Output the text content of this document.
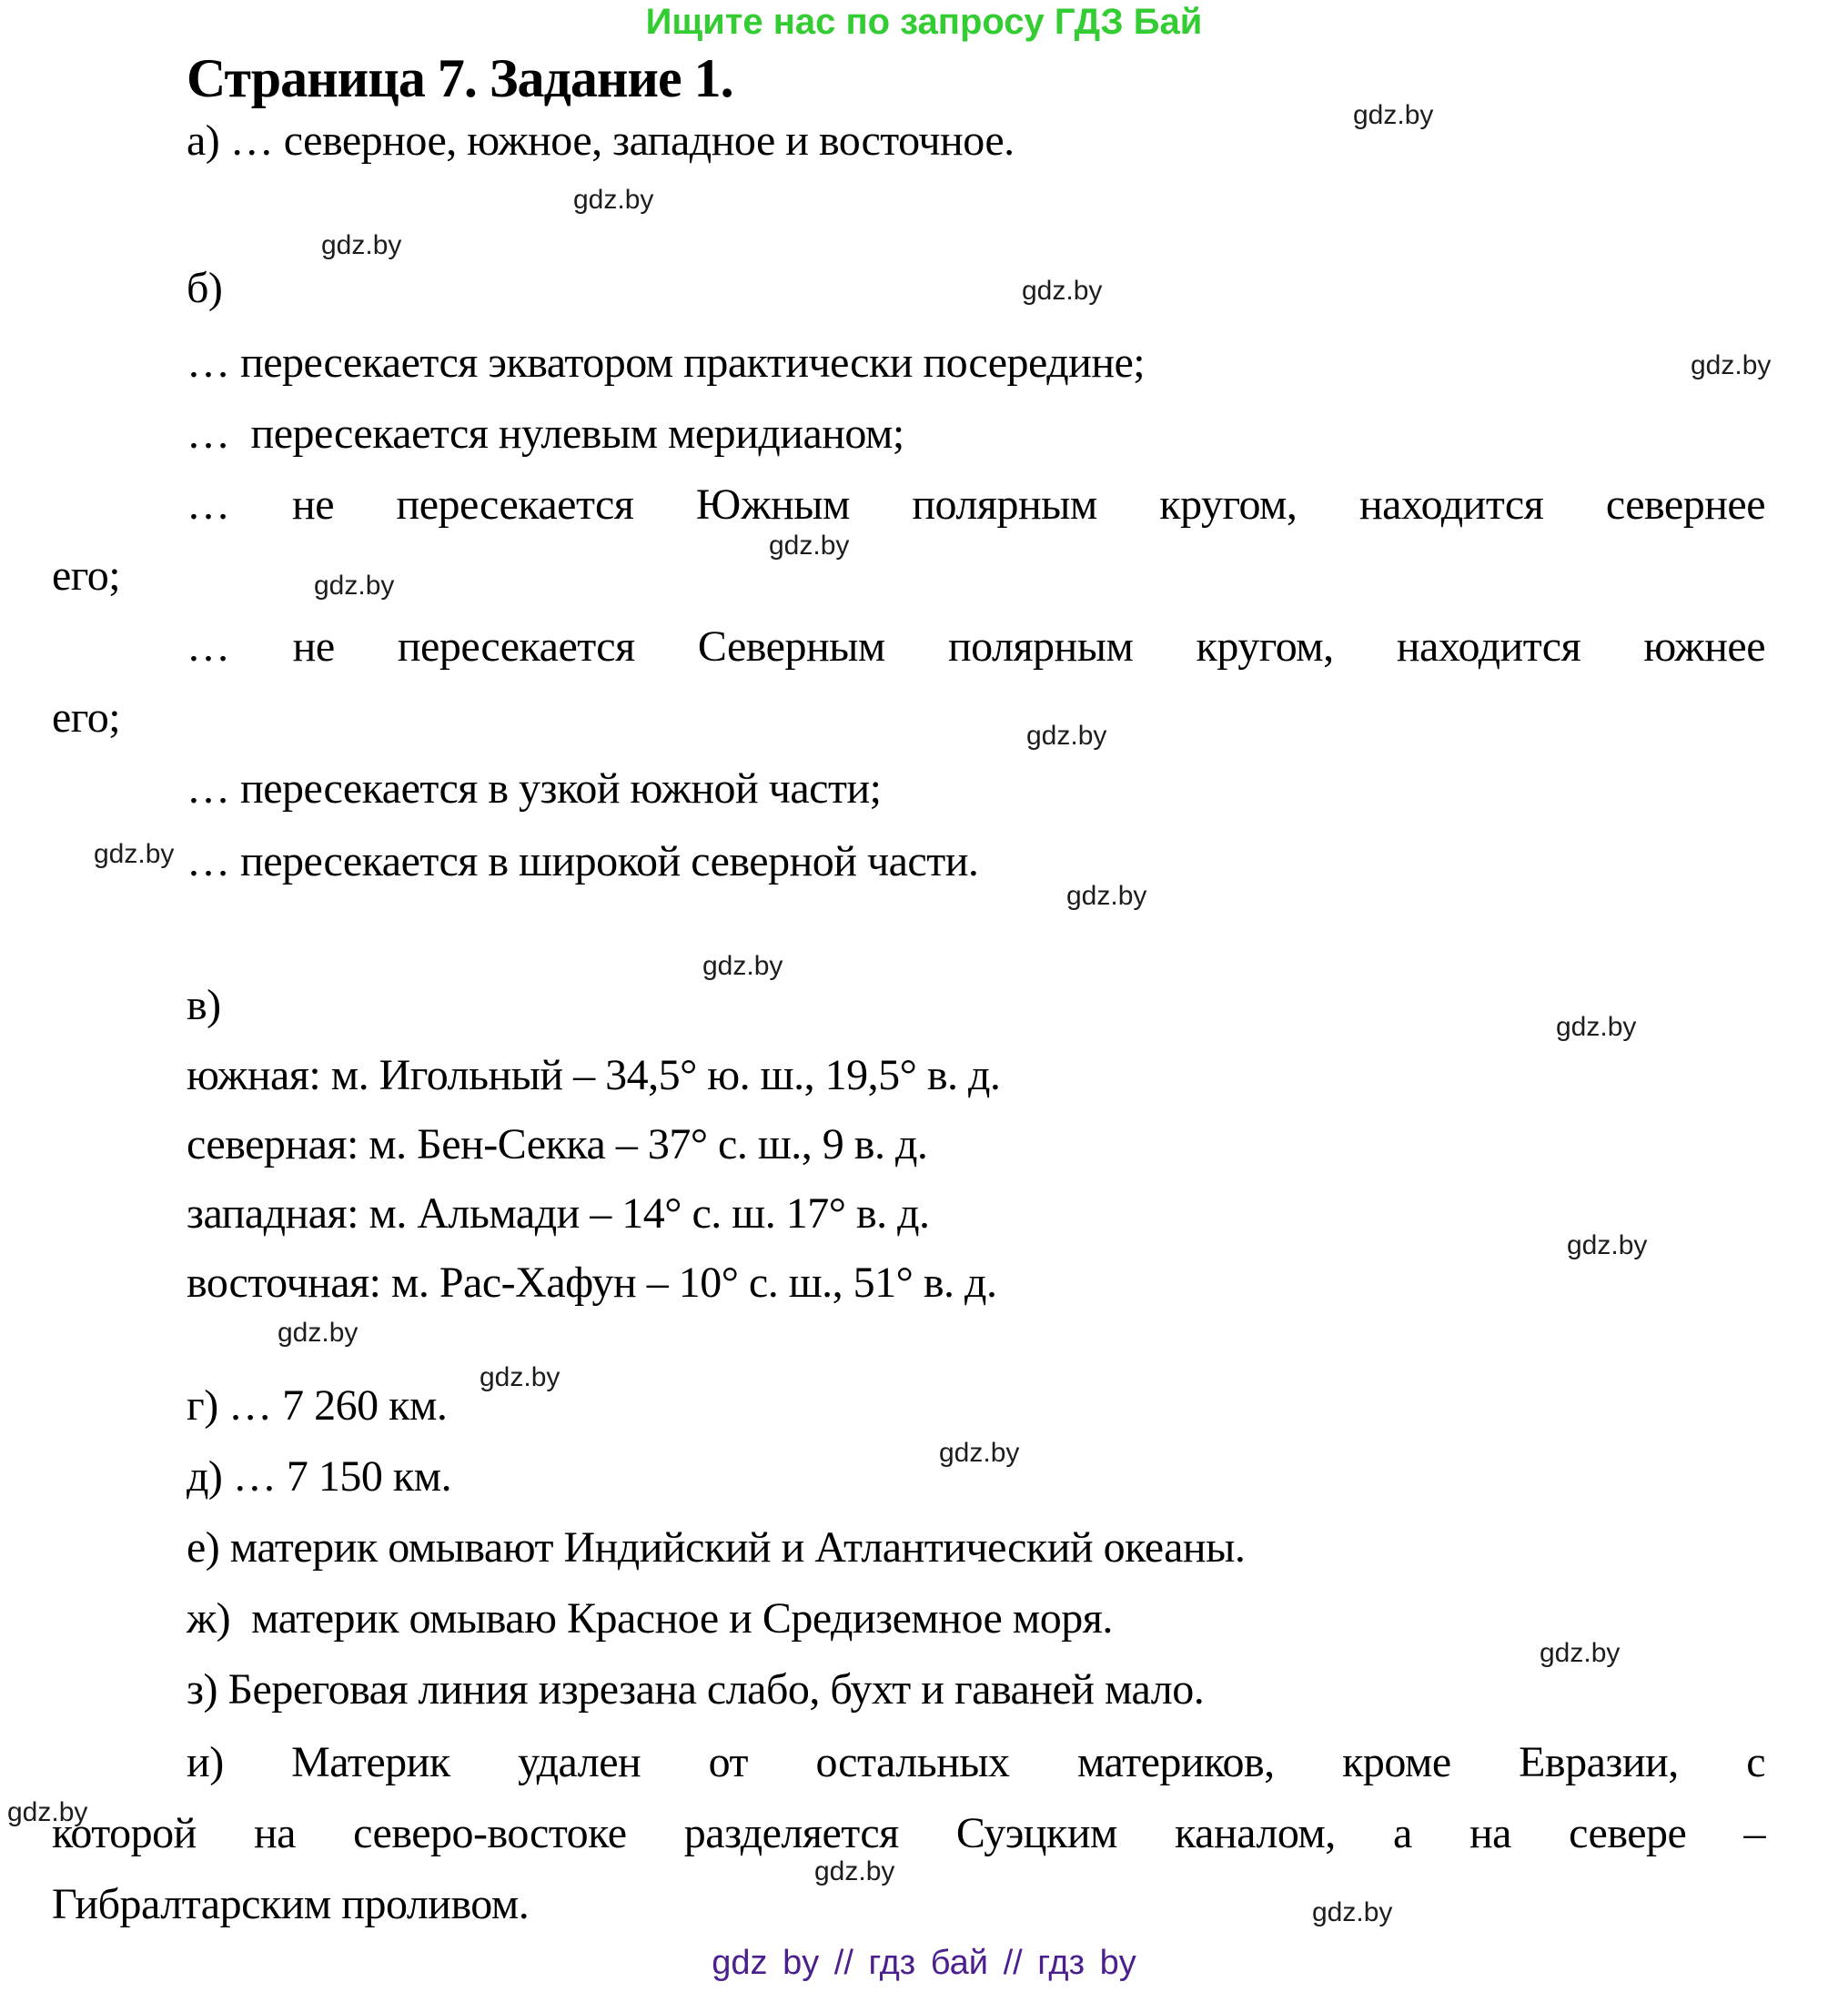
Ищите нас по запросу ГДЗ Бай
Страница 7. Задание 1.
а) … северное, южное, западное и восточное.
б)
… пересекается экватором практически посередине;
…  пересекается нулевым меридианом;
… не пересекается Южным полярным кругом, находится севернее
его;
… не пересекается Северным полярным кругом, находится южнее
его;
… пересекается в узкой южной части;
… пересекается в широкой северной части.
в)
южная: м. Игольный – 34,5° ю. ш., 19,5° в. д.
северная: м. Бен-Секка – 37° с. ш., 9 в. д.
западная: м. Альмади – 14° с. ш. 17° в. д.
восточная: м. Рас-Хафун – 10° с. ш., 51° в. д.
г) … 7 260 км.
д) … 7 150 км.
е) материк омывают Индийский и Атлантический океаны.
ж)  материк омываю Красное и Средиземное моря.
з) Береговая линия изрезана слабо, бухт и гаваней мало.
и) Материк удален от остальных материков, кроме Евразии, с
которой на северо-востоке разделяется Суэцким каналом, а на севере –
Гибралтарским проливом.
gdz.by
gdz.by
gdz.by
gdz.by
gdz.by
gdz.by
gdz.by
gdz.by
gdz.by
gdz.by
gdz.by
gdz.by
gdz.by
gdz.by
gdz.by
gdz.by
gdz.by
gdz.by
gdz.by
gdz.by
gdz by // гдз бай // гдз by
